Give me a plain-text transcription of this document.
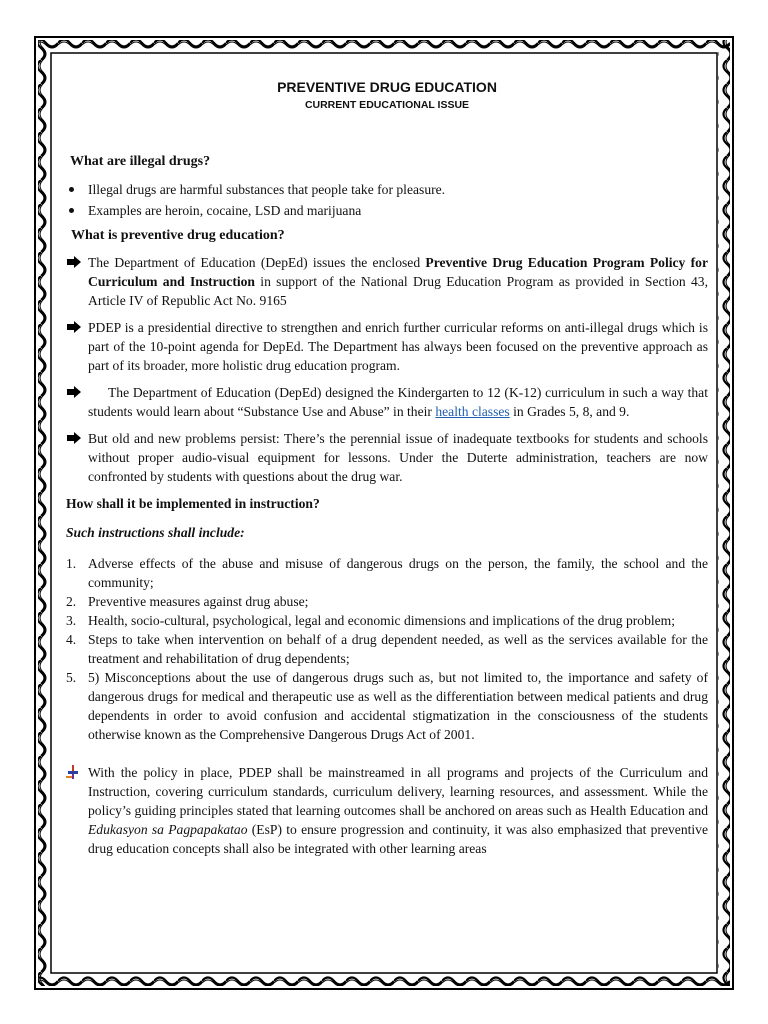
PREVENTIVE DRUG EDUCATION
CURRENT EDUCATIONAL ISSUE
What are illegal drugs?
Illegal drugs are harmful substances that people take for pleasure.
Examples are heroin, cocaine, LSD and marijuana
What is preventive drug education?
The Department of Education (DepEd) issues the enclosed Preventive Drug Education Program Policy for Curriculum and Instruction in support of the National Drug Education Program as provided in Section 43, Article IV of Republic Act No. 9165
PDEP is a presidential directive to strengthen and enrich further curricular reforms on anti-illegal drugs which is part of the 10-point agenda for DepEd. The Department has always been focused on the preventive approach as part of its broader, more holistic drug education program.
The Department of Education (DepEd) designed the Kindergarten to 12 (K-12) curriculum in such a way that students would learn about “Substance Use and Abuse” in their health classes in Grades 5, 8, and 9.
But old and new problems persist: There’s the perennial issue of inadequate textbooks for students and schools without proper audio-visual equipment for lessons. Under the Duterte administration, teachers are now confronted by students with questions about the drug war.
How shall it be implemented in instruction?
Such instructions shall include:
1. Adverse effects of the abuse and misuse of dangerous drugs on the person, the family, the school and the community;
2. Preventive measures against drug abuse;
3. Health, socio-cultural, psychological, legal and economic dimensions and implications of the drug problem;
4. Steps to take when intervention on behalf of a drug dependent needed, as well as the services available for the treatment and rehabilitation of drug dependents;
5. 5) Misconceptions about the use of dangerous drugs such as, but not limited to, the importance and safety of dangerous drugs for medical and therapeutic use as well as the differentiation between medical patients and drug dependents in order to avoid confusion and accidental stigmatization in the consciousness of the students otherwise known as the Comprehensive Dangerous Drugs Act of 2001.
With the policy in place, PDEP shall be mainstreamed in all programs and projects of the Curriculum and Instruction, covering curriculum standards, curriculum delivery, learning resources, and assessment. While the policy’s guiding principles stated that learning outcomes shall be anchored on areas such as Health Education and Edukasyon sa Pagpapakatao (EsP) to ensure progression and continuity, it was also emphasized that preventive drug education concepts shall also be integrated with other learning areas
